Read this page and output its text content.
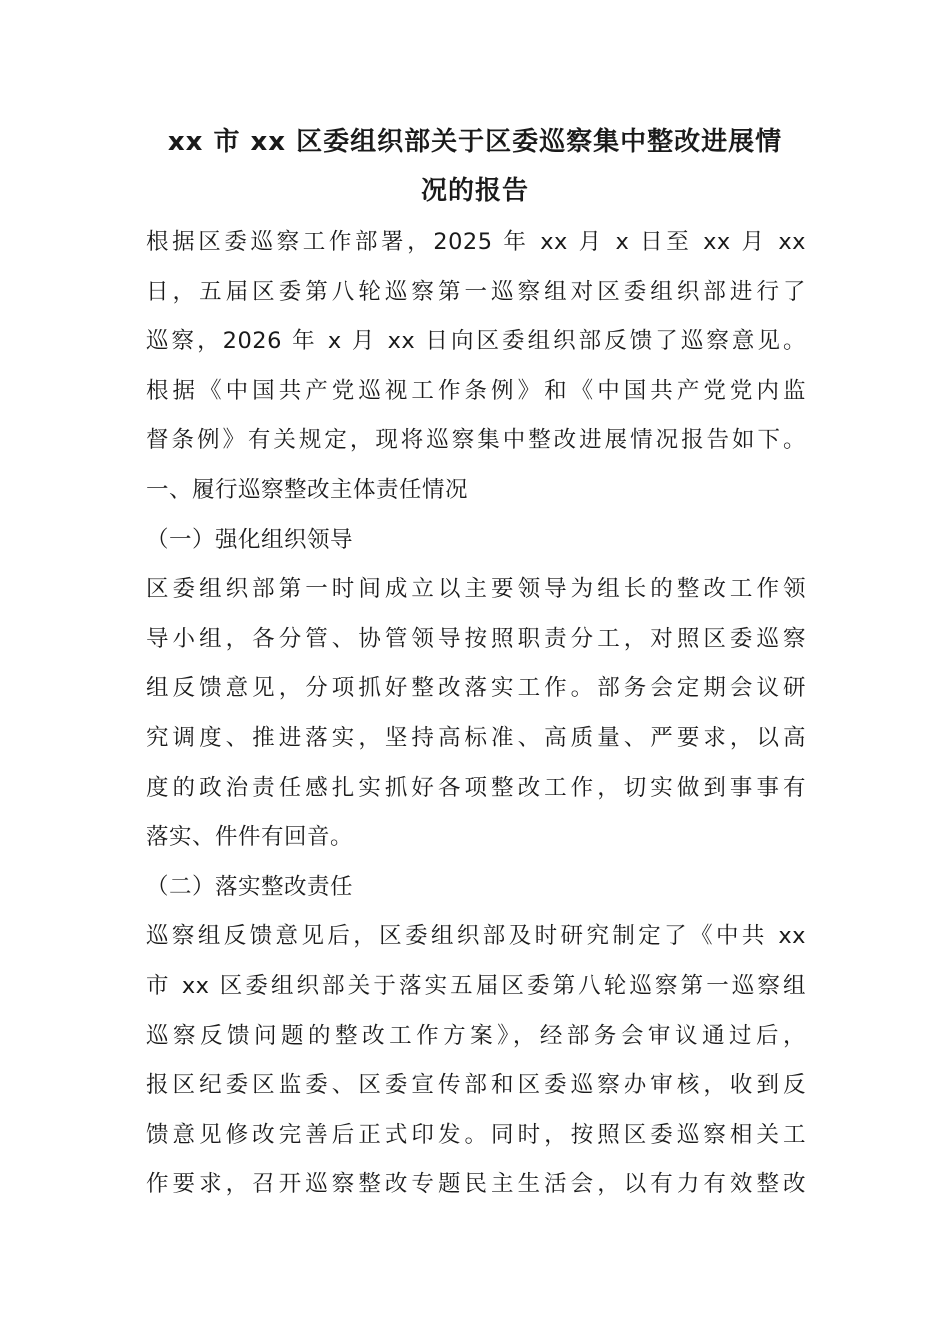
xx 市 xx 区委组织部关于区委巡察集中整改进展情
况的报告
根据区委巡察工作部署，2025 年 xx 月 x 日至 xx 月 xx
日，五届区委第八轮巡察第一巡察组对区委组织部进行了
巡察，2026 年 x 月 xx 日向区委组织部反馈了巡察意见。
根据《中国共产党巡视工作条例》和《中国共产党党内监
督条例》有关规定，现将巡察集中整改进展情况报告如下。
一、履行巡察整改主体责任情况
（一）强化组织领导
区委组织部第一时间成立以主要领导为组长的整改工作领
导小组，各分管、协管领导按照职责分工，对照区委巡察
组反馈意见，分项抓好整改落实工作。部务会定期会议研
究调度、推进落实，坚持高标准、高质量、严要求，以高
度的政治责任感扎实抓好各项整改工作，切实做到事事有
落实、件件有回音。
（二）落实整改责任
巡察组反馈意见后，区委组织部及时研究制定了《中共 xx
市 xx 区委组织部关于落实五届区委第八轮巡察第一巡察组
巡察反馈问题的整改工作方案》，经部务会审议通过后，
报区纪委区监委、区委宣传部和区委巡察办审核，收到反
馈意见修改完善后正式印发。同时，按照区委巡察相关工
作要求，召开巡察整改专题民主生活会，以有力有效整改
